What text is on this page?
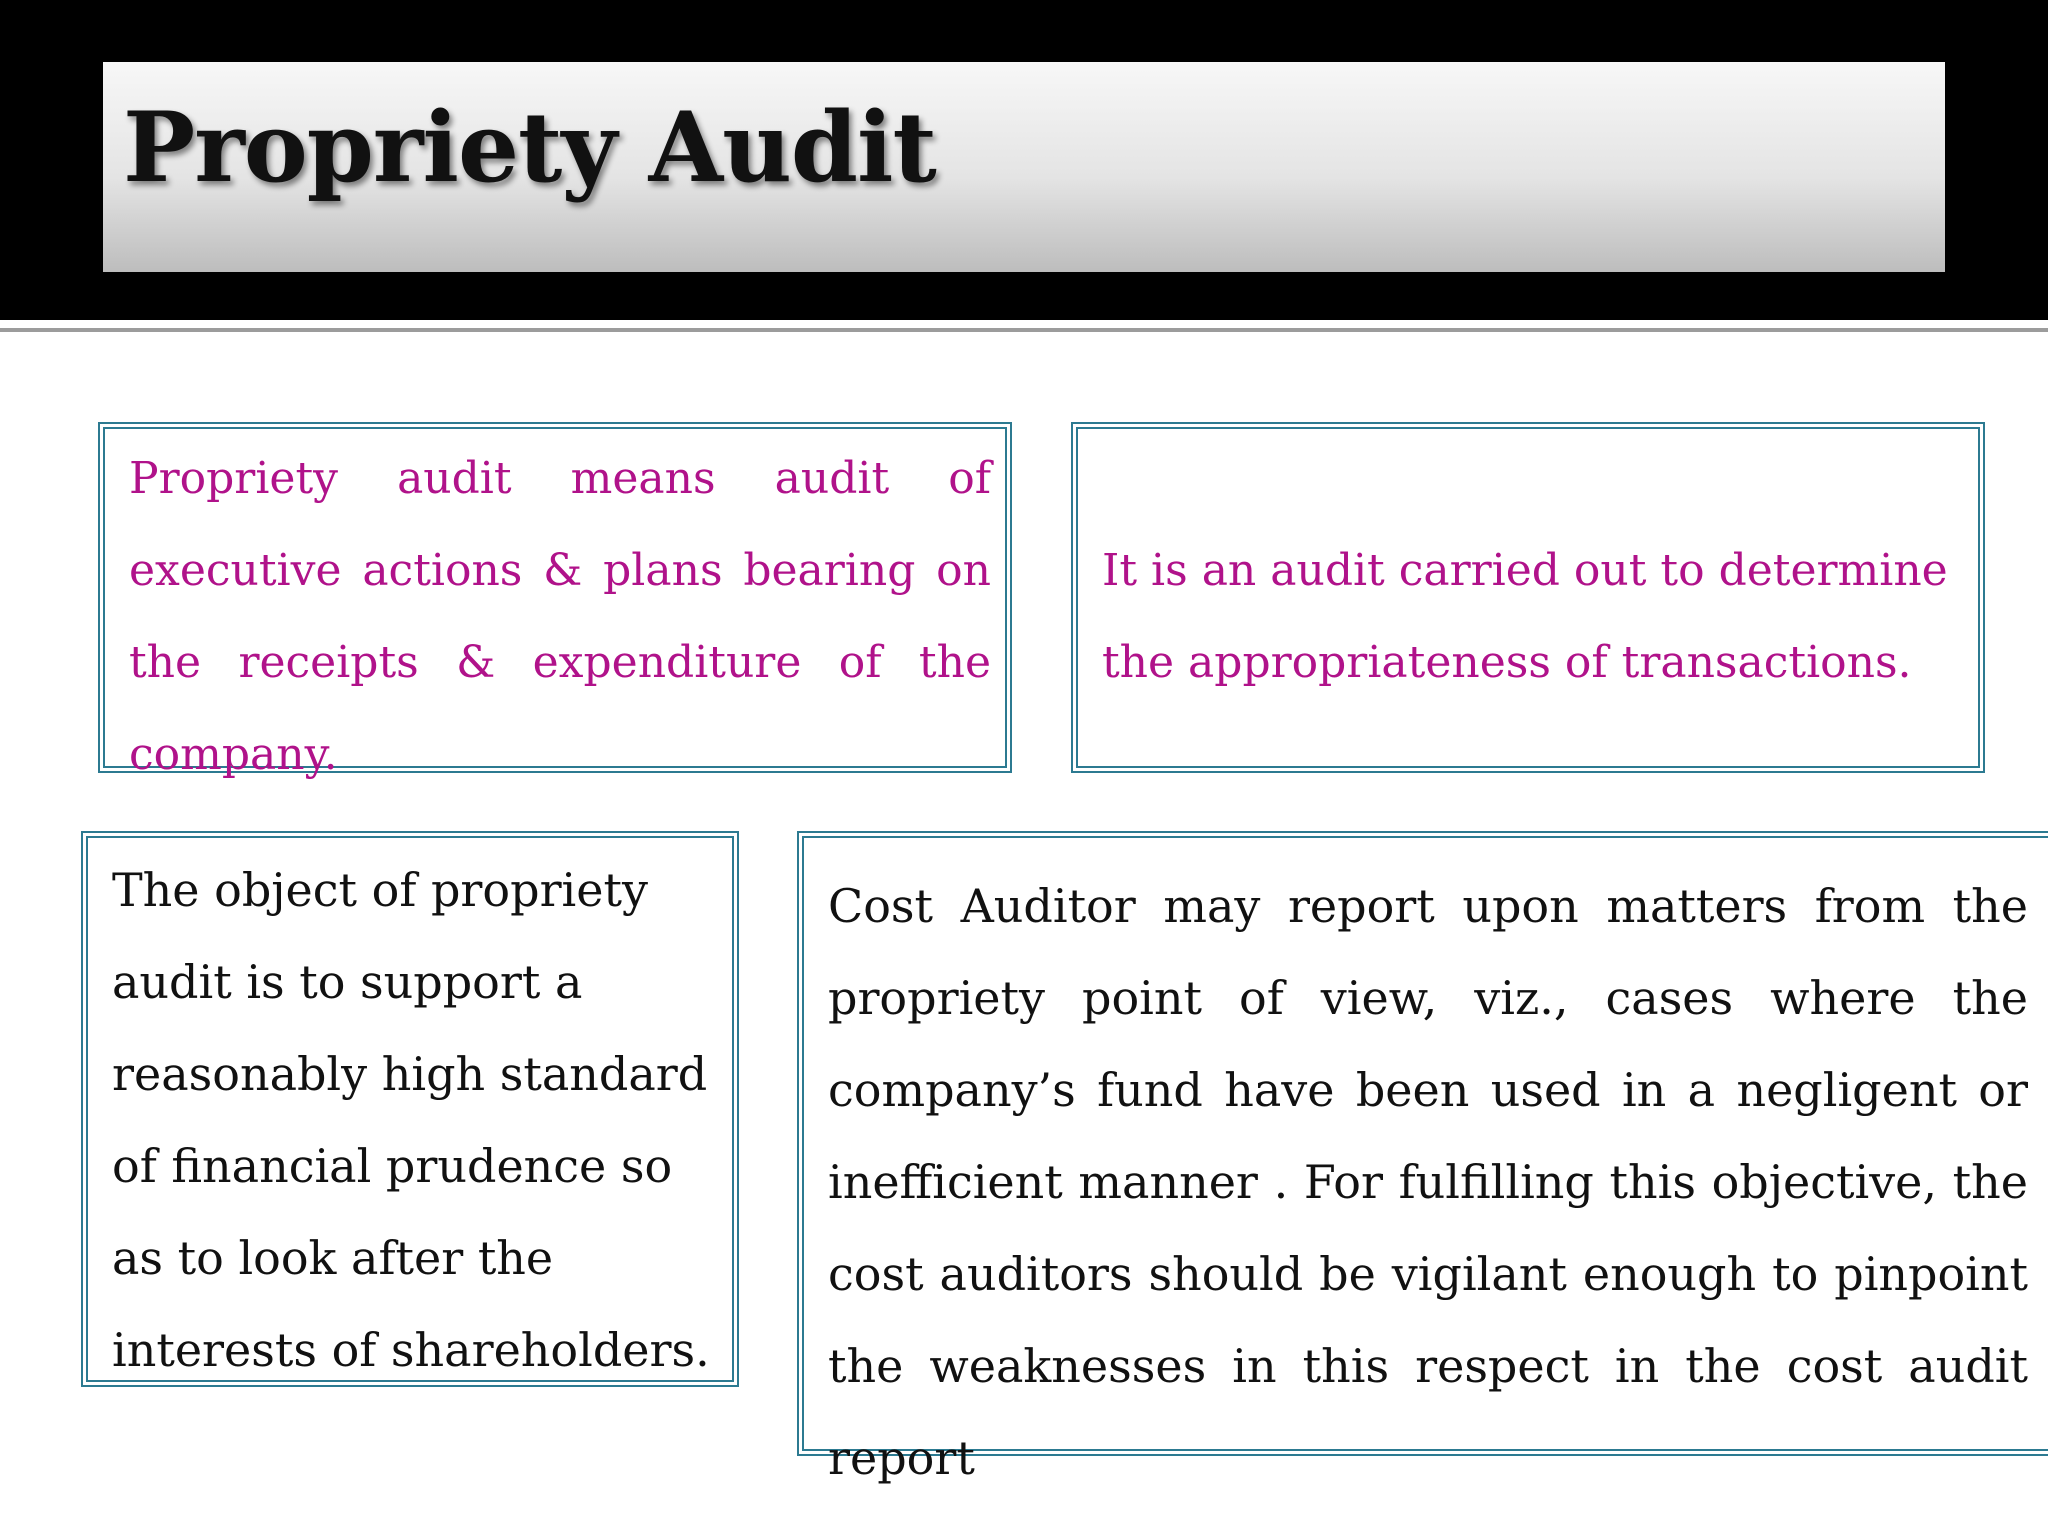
Propriety Audit

Propriety audit means audit of executive actions & plans bearing on the receipts & expenditure of the company.

It is an audit carried out to determine the appropriateness of transactions.

The object of propriety audit is to support a reasonably high standard of financial prudence so as to look after the interests of shareholders.

Cost Auditor may report upon matters from the propriety point of view, viz., cases where the company’s fund have been used in a negligent or inefficient manner . For fulfilling this objective, the cost auditors should be vigilant enough to pinpoint the weaknesses in this respect in the cost audit report
